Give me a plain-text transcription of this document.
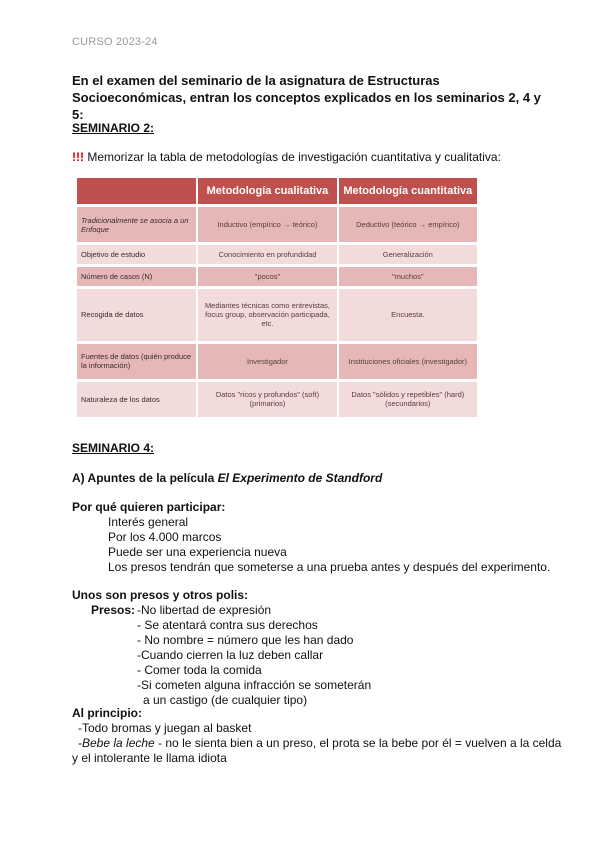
CURSO 2023-24
En el examen del seminario de la asignatura de Estructuras Socioeconómicas, entran los conceptos explicados en los seminarios 2, 4 y 5:
SEMINARIO 2:
!!! Memorizar la tabla de metodologías de investigación cuantitativa y cualitativa:
	Metodología cualitativa	Metodología cuantitativa
Tradicionalmente se asocia a un Enfoque	Inductivo (empírico → teórico)	Deductivo (teórico → empírico)
Objetivo de estudio	Conocimiento en profundidad	Generalización
Número de casos (N)	"pocos"	"muchos"
Recogida de datos	Mediantes técnicas como entrevistas, focus group, observación participada, etc.	Encuesta.
Fuentes de datos (quién produce la información)	Investigador	Instituciones oficiales (investigador)
Naturaleza de los datos	Datos "ricos y profundos" (soft) (primarios)	Datos "sólidos y repetibles" (hard) (secundarios)
SEMINARIO 4:
A) Apuntes de la película El Experimento de Standford
Por qué quieren participar:
Interés general
Por los 4.000 marcos
Puede ser una experiencia nueva
Los presos tendrán que someterse a una prueba antes y después del experimento.
Unos son presos y otros polis:
Presos: -No libertad de expresión
- Se atentará contra sus derechos
- No nombre = número que les han dado
-Cuando cierren la luz deben callar
- Comer toda la comida
-Si cometen alguna infracción se someterán
a un castigo (de cualquier tipo)
Al principio:
-Todo bromas y juegan al basket
-Bebe la leche - no le sienta bien a un preso, el prota se la bebe por él = vuelven a la celda
y el intolerante le llama idiota
